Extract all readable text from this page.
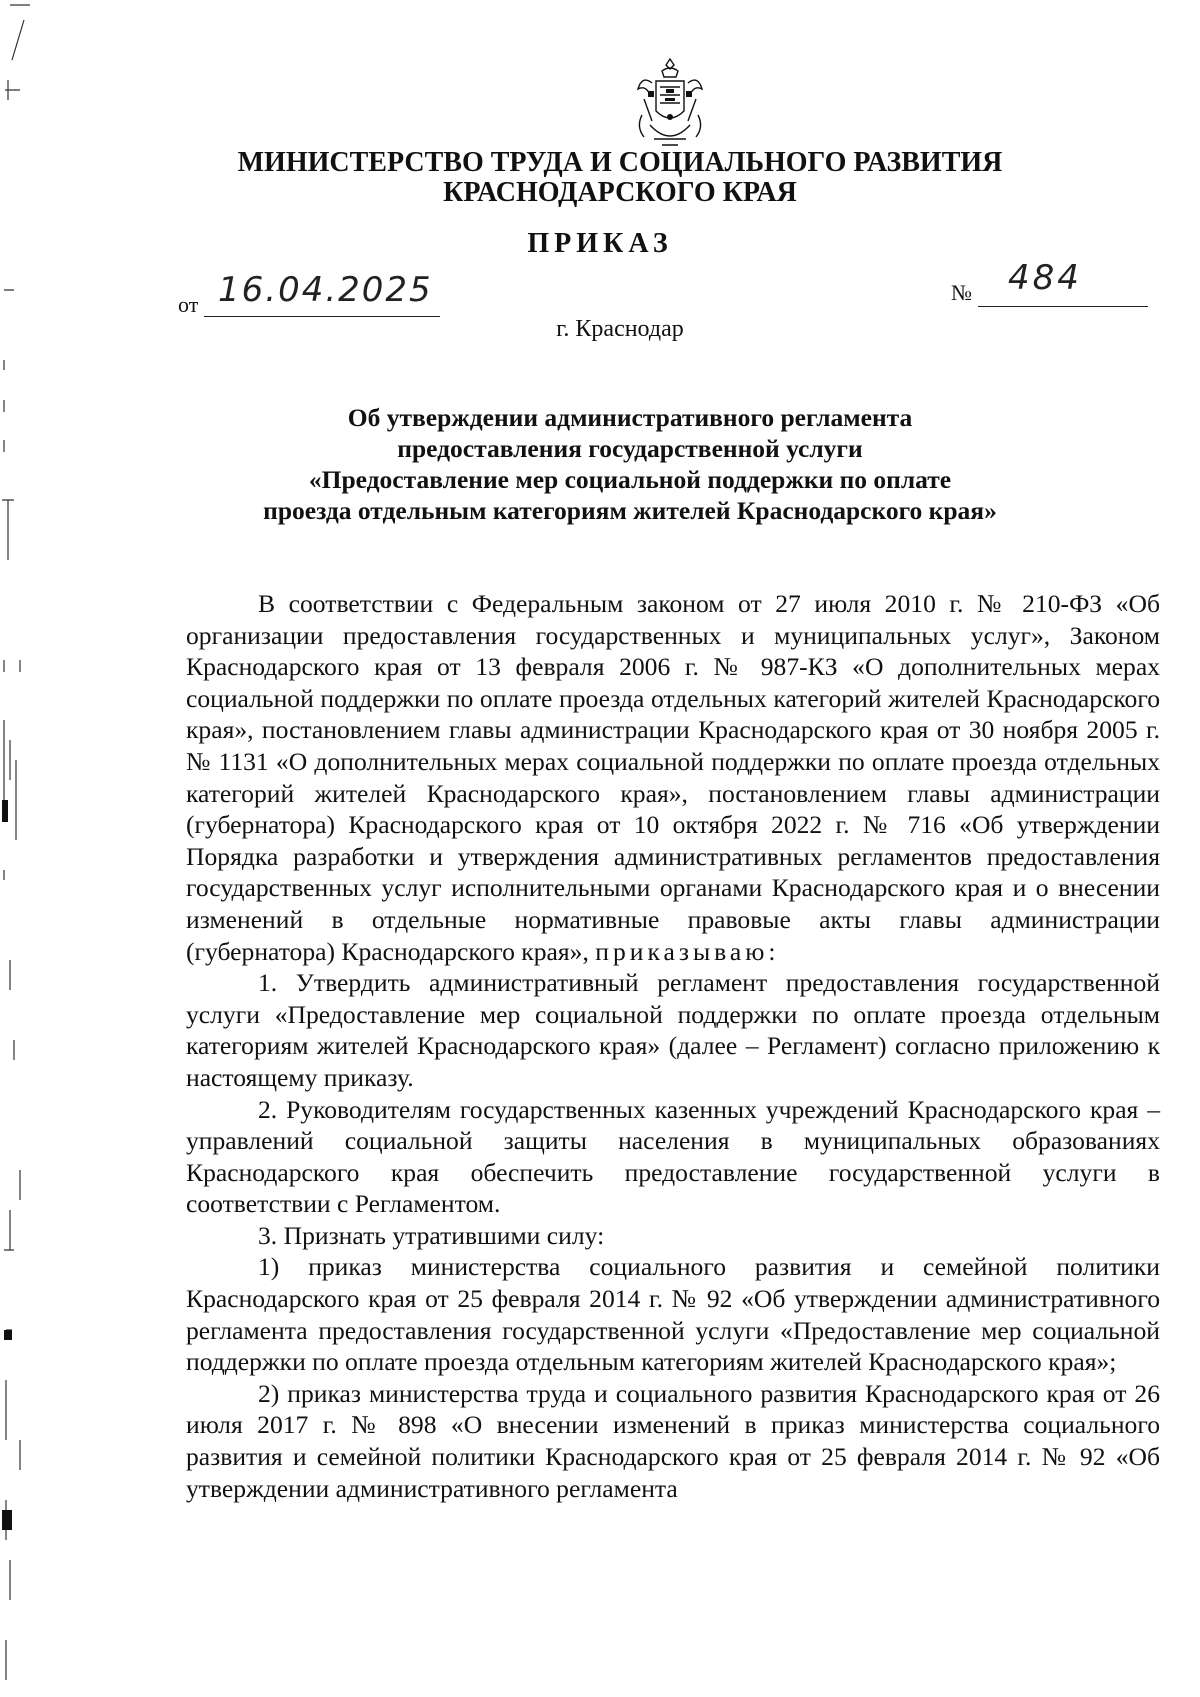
МИНИСТЕРСТВО ТРУДА И СОЦИАЛЬНОГО РАЗВИТИЯ
КРАСНОДАРСКОГО КРАЯ
ПРИКАЗ
от 16.04.2025	№ 484
г. Краснодар
Об утверждении административного регламента
предоставления государственной услуги
«Предоставление мер социальной поддержки по оплате
проезда отдельным категориям жителей Краснодарского края»

В соответствии с Федеральным законом от 27 июля 2010 г. № 210-ФЗ «Об организации предоставления государственных и муниципальных услуг», Законом Краснодарского края от 13 февраля 2006 г. № 987-КЗ «О дополнительных мерах социальной поддержки по оплате проезда отдельных категорий жителей Краснодарского края», постановлением главы администрации Краснодарского края от 30 ноября 2005 г. № 1131 «О дополнительных мерах социальной поддержки по оплате проезда отдельных категорий жителей Краснодарского края», постановлением главы администрации (губернатора) Краснодарского края от 10 октября 2022 г. № 716 «Об утверждении Порядка разработки и утверждения административных регламентов предоставления государственных услуг исполнительными органами Краснодарского края и о внесении изменений в отдельные нормативные правовые акты главы администрации (губернатора) Краснодарского края», приказываю:

1. Утвердить административный регламент предоставления государственной услуги «Предоставление мер социальной поддержки по оплате проезда отдельным категориям жителей Краснодарского края» (далее – Регламент) согласно приложению к настоящему приказу.

2. Руководителям государственных казенных учреждений Краснодарского края – управлений социальной защиты населения в муниципальных образованиях Краснодарского края обеспечить предоставление государственной услуги в соответствии с Регламентом.

3. Признать утратившими силу:

1) приказ министерства социального развития и семейной политики Краснодарского края от 25 февраля 2014 г. № 92 «Об утверждении административного регламента предоставления государственной услуги «Предоставление мер социальной поддержки по оплате проезда отдельным категориям жителей Краснодарского края»;

2) приказ министерства труда и социального развития Краснодарского края от 26 июля 2017 г. № 898 «О внесении изменений в приказ министерства социального развития и семейной политики Краснодарского края от 25 февраля 2014 г. № 92 «Об утверждении административного регламента
